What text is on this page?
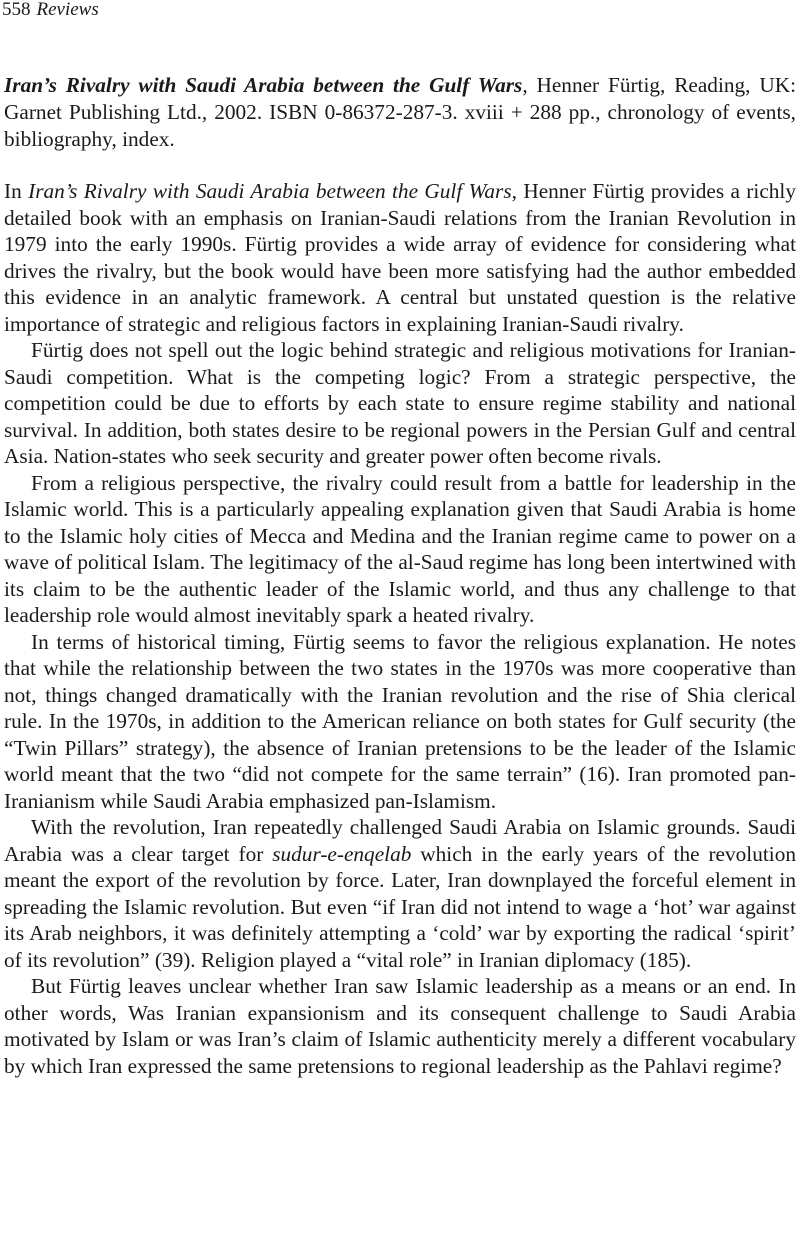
558 Reviews
Iran’s Rivalry with Saudi Arabia between the Gulf Wars, Henner Fürtig, Reading, UK: Garnet Publishing Ltd., 2002. ISBN 0-86372-287-3. xviii + 288 pp., chronology of events, bibliography, index.

In Iran’s Rivalry with Saudi Arabia between the Gulf Wars, Henner Fürtig provides a richly detailed book with an emphasis on Iranian-Saudi relations from the Iranian Revolution in 1979 into the early 1990s. Fürtig provides a wide array of evidence for considering what drives the rivalry, but the book would have been more satisfying had the author embedded this evidence in an analytic framework. A central but unstated question is the relative importance of strategic and religious factors in explaining Iranian-Saudi rivalry.

Fürtig does not spell out the logic behind strategic and religious motivations for Iranian-Saudi competition. What is the competing logic? From a strategic perspective, the competition could be due to efforts by each state to ensure regime stability and national survival. In addition, both states desire to be regional powers in the Persian Gulf and central Asia. Nation-states who seek security and greater power often become rivals.

From a religious perspective, the rivalry could result from a battle for leadership in the Islamic world. This is a particularly appealing explanation given that Saudi Arabia is home to the Islamic holy cities of Mecca and Medina and the Iranian regime came to power on a wave of political Islam. The legitimacy of the al-Saud regime has long been intertwined with its claim to be the authentic leader of the Islamic world, and thus any challenge to that leadership role would almost inevitably spark a heated rivalry.

In terms of historical timing, Fürtig seems to favor the religious explanation. He notes that while the relationship between the two states in the 1970s was more cooperative than not, things changed dramatically with the Iranian revolution and the rise of Shia clerical rule. In the 1970s, in addition to the American reliance on both states for Gulf security (the “Twin Pillars” strategy), the absence of Iranian pretensions to be the leader of the Islamic world meant that the two “did not compete for the same terrain” (16). Iran promoted pan-Iranianism while Saudi Arabia emphasized pan-Islamism.

With the revolution, Iran repeatedly challenged Saudi Arabia on Islamic grounds. Saudi Arabia was a clear target for sudur-e-enqelab which in the early years of the revolution meant the export of the revolution by force. Later, Iran downplayed the forceful element in spreading the Islamic revolution. But even “if Iran did not intend to wage a ‘hot’ war against its Arab neighbors, it was definitely attempting a ‘cold’ war by exporting the radical ‘spirit’ of its revolution” (39). Religion played a “vital role” in Iranian diplomacy (185).

But Fürtig leaves unclear whether Iran saw Islamic leadership as a means or an end. In other words, Was Iranian expansionism and its consequent challenge to Saudi Arabia motivated by Islam or was Iran’s claim of Islamic authenticity merely a different vocabulary by which Iran expressed the same pretensions to regional leadership as the Pahlavi regime?
